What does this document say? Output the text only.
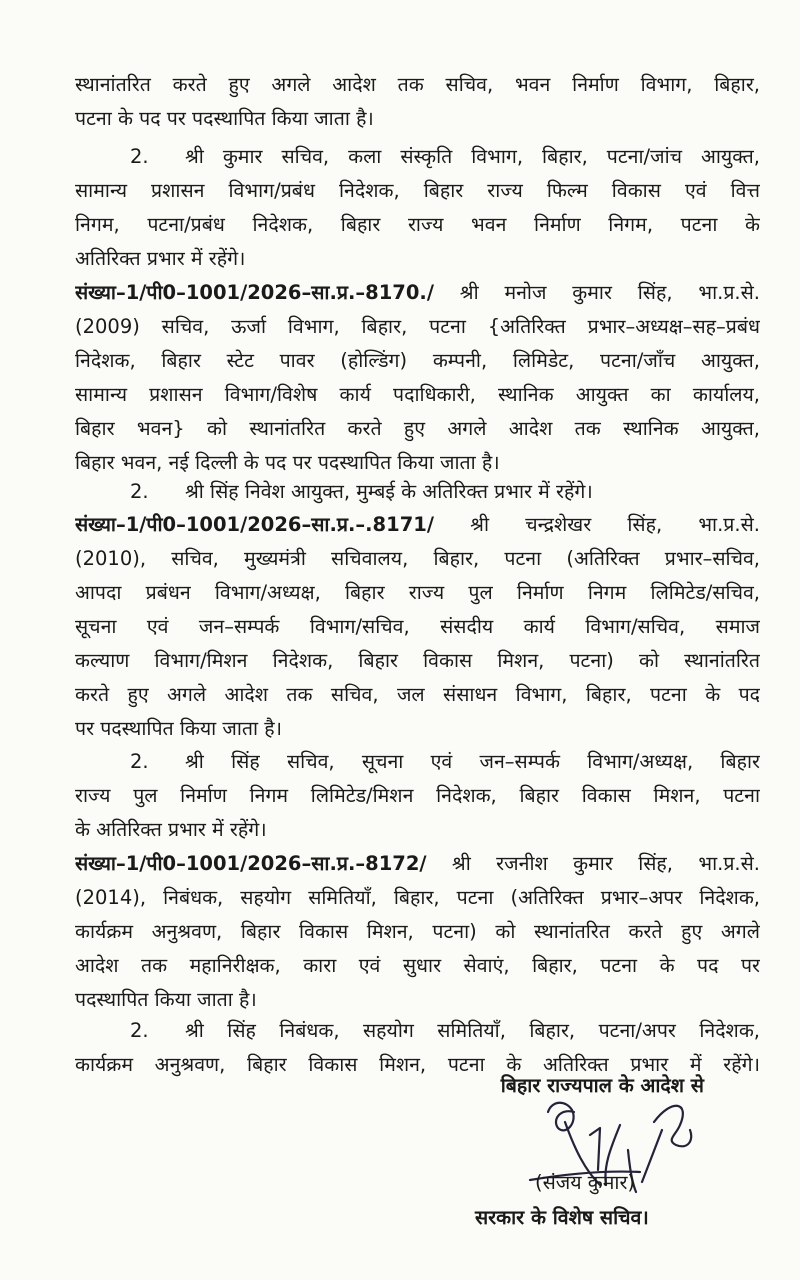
स्थानांतरित करते हुए अगले आदेश तक सचिव, भवन निर्माण विभाग, बिहार,
पटना के पद पर पदस्थापित किया जाता है।
2. श्री कुमार सचिव, कला संस्कृति विभाग, बिहार, पटना/जांच आयुक्त,
सामान्य प्रशासन विभाग/प्रबंध निदेशक, बिहार राज्य फिल्म विकास एवं वित्त
निगम, पटना/प्रबंध निदेशक, बिहार राज्य भवन निर्माण निगम, पटना के
अतिरिक्त प्रभार में रहेंगे।
संख्या–1/पी0–1001/2026–सा.प्र.–8170./ श्री मनोज कुमार सिंह, भा.प्र.से.
(2009) सचिव, ऊर्जा विभाग, बिहार, पटना {अतिरिक्त प्रभार–अध्यक्ष–सह–प्रबंध
निदेशक, बिहार स्टेट पावर (होल्डिंग) कम्पनी, लिमिडेट, पटना/जाँच आयुक्त,
सामान्य प्रशासन विभाग/विशेष कार्य पदाधिकारी, स्थानिक आयुक्त का कार्यालय,
बिहार भवन} को स्थानांतरित करते हुए अगले आदेश तक स्थानिक आयुक्त,
बिहार भवन, नई दिल्ली के पद पर पदस्थापित किया जाता है।
2. श्री सिंह निवेश आयुक्त, मुम्बई के अतिरिक्त प्रभार में रहेंगे।
संख्या–1/पी0–1001/2026–सा.प्र.–.8171/ श्री चन्द्रशेखर सिंह, भा.प्र.से.
(2010), सचिव, मुख्यमंत्री सचिवालय, बिहार, पटना (अतिरिक्त प्रभार–सचिव,
आपदा प्रबंधन विभाग/अध्यक्ष, बिहार राज्य पुल निर्माण निगम लिमिटेड/सचिव,
सूचना एवं जन–सम्पर्क विभाग/सचिव, संसदीय कार्य विभाग/सचिव, समाज
कल्याण विभाग/मिशन निदेशक, बिहार विकास मिशन, पटना) को स्थानांतरित
करते हुए अगले आदेश तक सचिव, जल संसाधन विभाग, बिहार, पटना के पद
पर पदस्थापित किया जाता है।
2. श्री सिंह सचिव, सूचना एवं जन–सम्पर्क विभाग/अध्यक्ष, बिहार
राज्य पुल निर्माण निगम लिमिटेड/मिशन निदेशक, बिहार विकास मिशन, पटना
के अतिरिक्त प्रभार में रहेंगे।
संख्या–1/पी0–1001/2026–सा.प्र.–8172/ श्री रजनीश कुमार सिंह, भा.प्र.से.
(2014), निबंधक, सहयोग समितियाँ, बिहार, पटना (अतिरिक्त प्रभार–अपर निदेशक,
कार्यक्रम अनुश्रवण, बिहार विकास मिशन, पटना) को स्थानांतरित करते हुए अगले
आदेश तक महानिरीक्षक, कारा एवं सुधार सेवाएं, बिहार, पटना के पद पर
पदस्थापित किया जाता है।
2. श्री सिंह निबंधक, सहयोग समितियाँ, बिहार, पटना/अपर निदेशक,
कार्यक्रम अनुश्रवण, बिहार विकास मिशन, पटना के अतिरिक्त प्रभार में रहेंगे।
बिहार राज्यपाल के आदेश से
(संजय कुमार)
सरकार के विशेष सचिव।
